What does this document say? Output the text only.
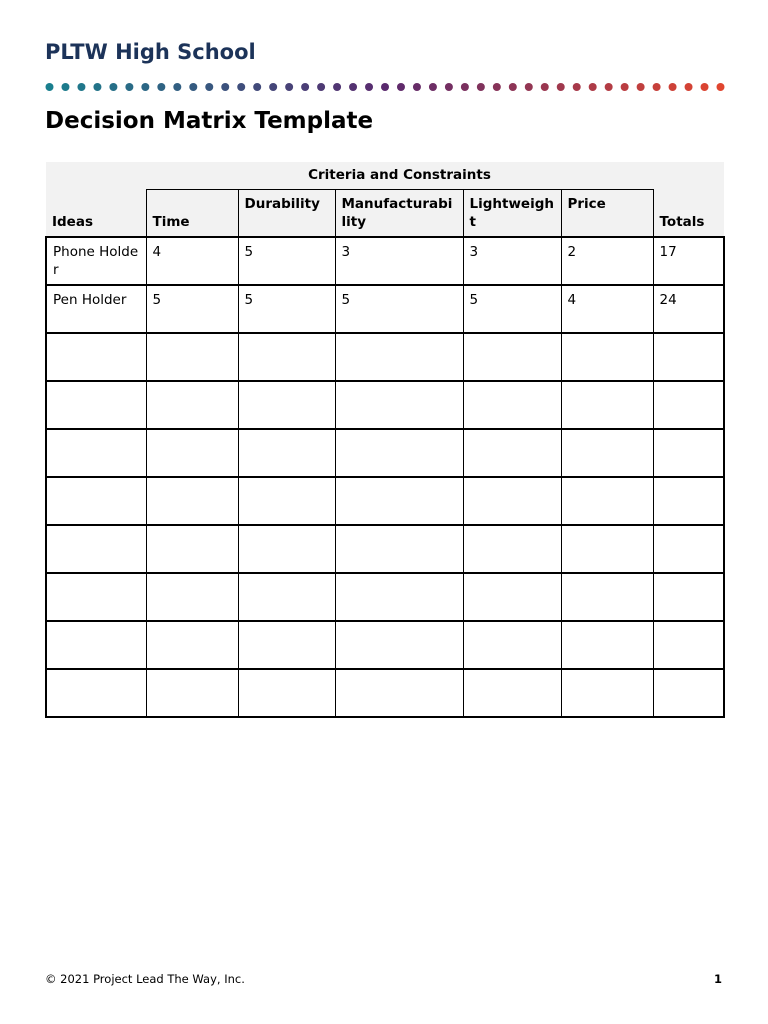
PLTW High School
Decision Matrix Template
Ideas	Criteria and Constraints					Totals
	Time	Durability	Manufacturability	Lightweight	Price	
Phone Holder	4	5	3	3	2	17
Pen Holder	5	5	5	5	4	24

© 2021 Project Lead The Way, Inc.	1
